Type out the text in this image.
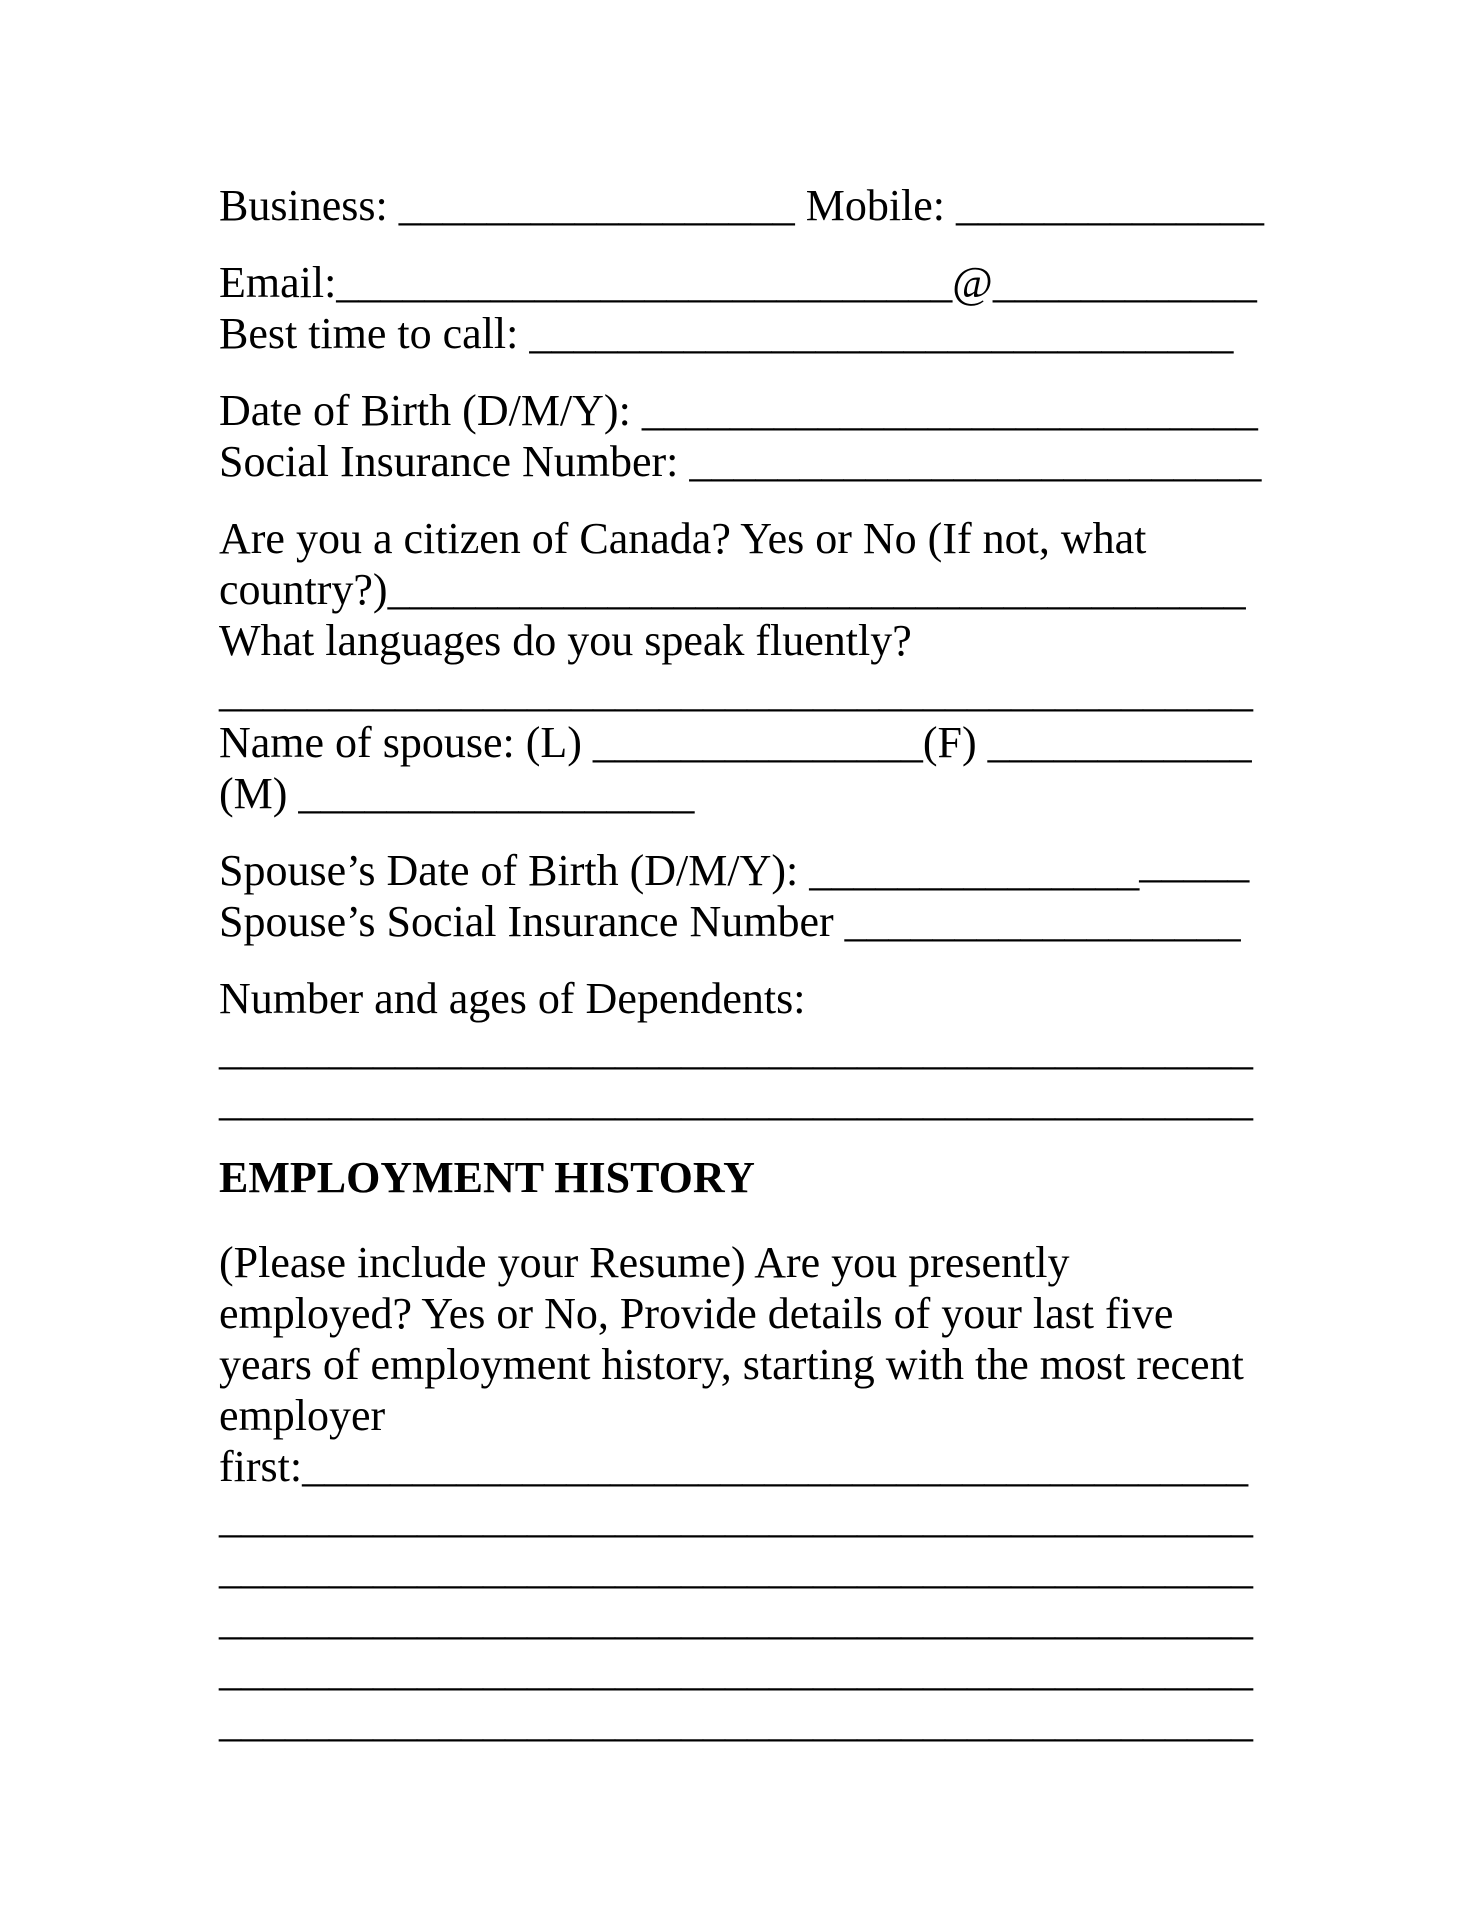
Business: __________________ Mobile: ______________
Email:____________________________@____________
Best time to call: ________________________________
Date of Birth (D/M/Y): ____________________________
Social Insurance Number: __________________________
Are you a citizen of Canada? Yes or No (If not, what
country?)_______________________________________
What languages do you speak fluently?
_______________________________________________
Name of spouse: (L) _______________(F) ____________
(M) __________________
Spouse’s Date of Birth (D/M/Y): ____________________
Spouse’s Social Insurance Number __________________
Number and ages of Dependents:
_______________________________________________
_______________________________________________
EMPLOYMENT HISTORY
(Please include your Resume) Are you presently
employed? Yes or No, Provide details of your last five
years of employment history, starting with the most recent
employer
first:___________________________________________
_______________________________________________
_______________________________________________
_______________________________________________
_______________________________________________
_______________________________________________
